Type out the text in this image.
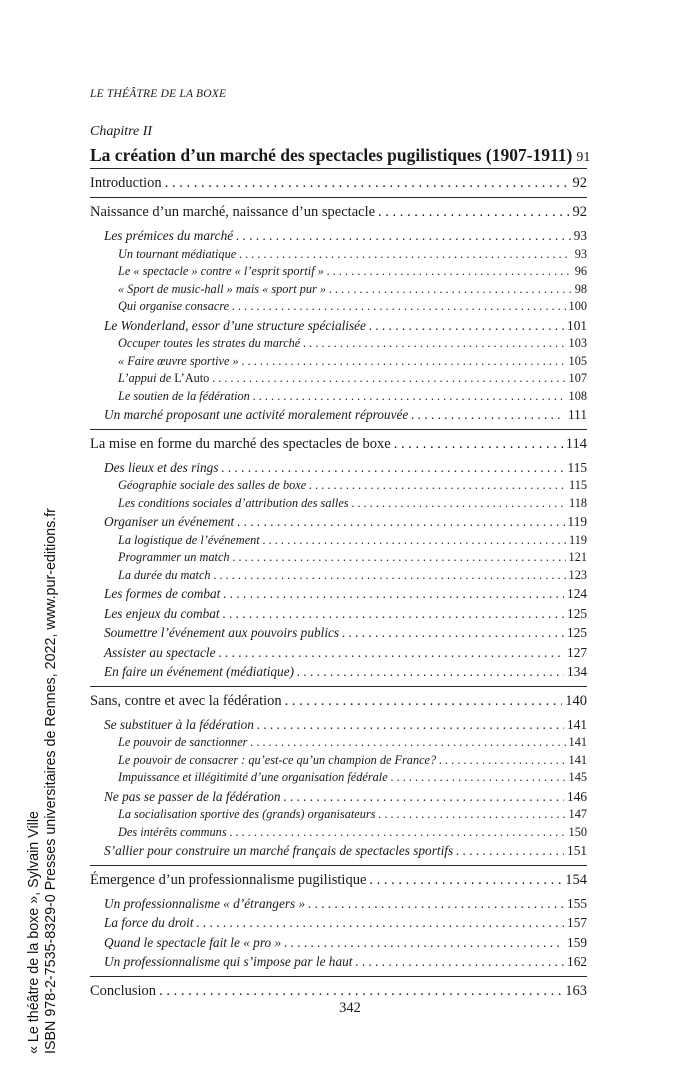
LE THÉÂTRE DE LA BOXE
Chapitre II
La création d’un marché des spectacles pugilistiques (1907-1911) 91
Introduction . . .	92
Naissance d’un marché, naissance d’un spectacle . . .	92
Les prémices du marché . . .	93
Un tournant médiatique . . .	93
Le « spectacle » contre « l’esprit sportif » . . .	96
« Sport de music-hall » mais « sport pur » . . .	98
Qui organise consacre . . .	100
Le Wonderland, essor d’une structure spécialisée . . .	101
Occuper toutes les strates du marché . . .	103
« Faire œuvre sportive » . . .	105
L’appui de L’Auto . . .	107
Le soutien de la fédération . . .	108
Un marché proposant une activité moralement réprouvée . . .	111
La mise en forme du marché des spectacles de boxe . . .	114
Des lieux et des rings . . .	115
Géographie sociale des salles de boxe . . .	115
Les conditions sociales d’attribution des salles . . .	118
Organiser un événement . . .	119
La logistique de l’événement . . .	119
Programmer un match . . .	121
La durée du match . . .	123
Les formes de combat . . .	124
Les enjeux du combat . . .	125
Soumettre l’événement aux pouvoirs publics . . .	125
Assister au spectacle . . .	127
En faire un événement (médiatique) . . .	134
Sans, contre et avec la fédération . . .	140
Se substituer à la fédération . . .	141
Le pouvoir de sanctionner . . .	141
Le pouvoir de consacrer : qu’est-ce qu’un champion de France? . . .	141
Impuissance et illégitimité d’une organisation fédérale . . .	145
Ne pas se passer de la fédération . . .	146
La socialisation sportive des (grands) organisateurs . . .	147
Des intérêts communs . . .	150
S’allier pour construire un marché français de spectacles sportifs . . .	151
Émergence d’un professionnalisme pugilistique . . .	154
Un professionnalisme « d’étrangers » . . .	155
La force du droit . . .	157
Quand le spectacle fait le « pro » . . .	159
Un professionnalisme qui s’impose par le haut . . .	162
Conclusion . . .	163
342
« Le théâtre de la boxe », Sylvain Ville ISBN 978-2-7535-8329-0 Presses universitaires de Rennes, 2022, www.pur-editions.fr
